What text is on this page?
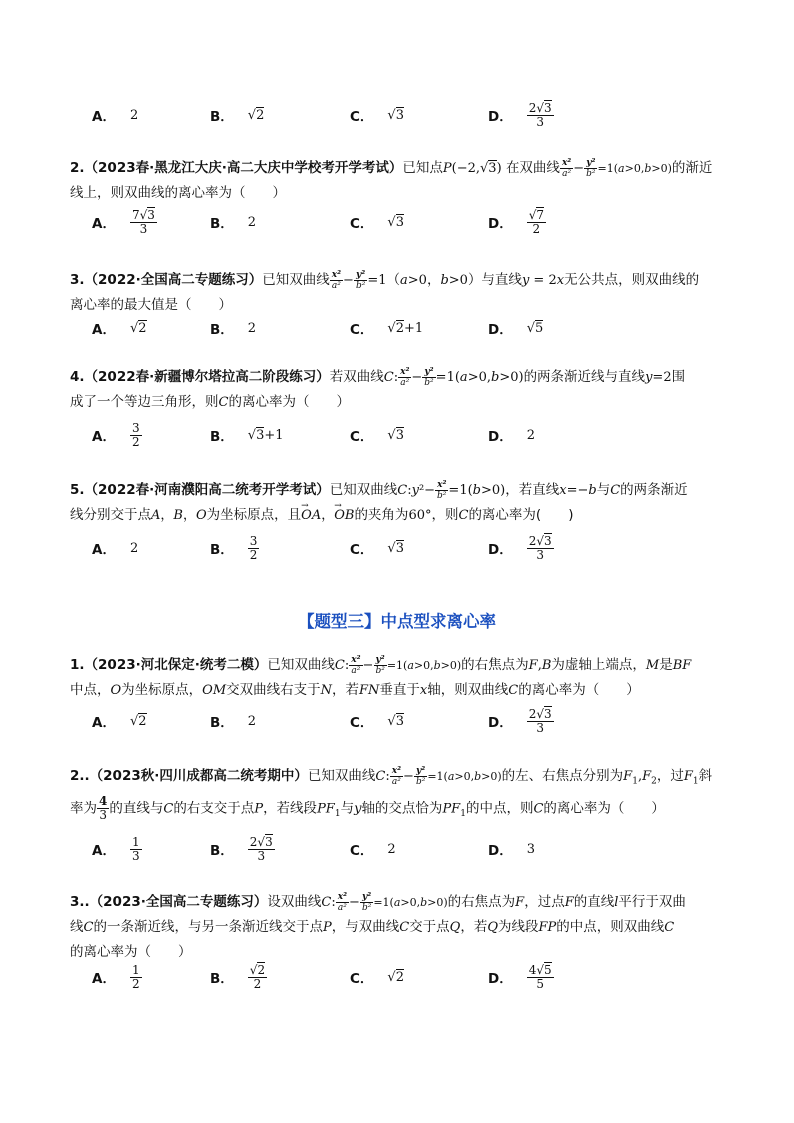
A． 2	B． √2	C． √3	D． $\frac{2√3}{3}$
2.（2023春·黑龙江大庆·高二大庆中学校考开学考试）已知点P(−2,√3) 在双曲线 $\frac{\text{x²}}{\text{a²}} - \frac{\text{y²}}{\text{b²}} =1(a>0,b>0)$的渐近
线上，则双曲线的离心率为（　　）
A． $\frac{7√3}{3}$	B． 2	C． √3	D． $\frac{√7}{2}$
3.（2022·全国高二专题练习）已知双曲线 $\frac{\text{x²}}{\text{a²}} - \frac{\text{y²}}{\text{b²}} =1(a>0$，b>0）与直线y = 2x无公共点，则双曲线的
离心率的最大值是（　　）
A． √2	B． 2	C． √2+1	D． √5
4.（2022春·新疆博尔塔拉高二阶段练习）若双曲线C: $\frac{\text{x²}}{\text{a²}} - \frac{\text{y²}}{\text{b²}} =1(a>0,b>0)$的两条渐近线与直线y=2围
成了一个等边三角形，则C的离心率为（　　）
A． $\frac{3}{2}$	B． √3+1	C． √3	D． 2
5.（2022春·河南濮阳高二统考开学考试）已知双曲线C:y²− $\frac{\text{x²}}{\text{b²}} =1(b>0)$，若直线x=−b与C的两条渐近
线分别交于点A，B，O为坐标原点，且→ OA，→ OB的夹角为60°，则C的离心率为(　　)
A． 2	B． $\frac{3}{2}$	C． √3	D． $\frac{2√3}{3}$
【题型三】中点型求离心率
1.（2023·河北保定·统考二模）已知双曲线C: $\frac{\text{x²}}{\text{a²}} - \frac{\text{y²}}{\text{b²}} =1(a>0,b>0)$的右焦点为F,B为虚轴上端点，M是BF
中点，O为坐标原点，OM交双曲线右支于N，若FN垂直于x轴，则双曲线C的离心率为（　　）
A． √2	B． 2	C． √3	D． $\frac{2√3}{3}$
2..（2023秋·四川成都高二统考期中）已知双曲线C: $\frac{\text{x²}}{\text{a²}} - \frac{\text{y²}}{\text{b²}} =1(a>0,b>0)$的左、右焦点分别为$F_1,F_2$，过$F_1$斜
率为 $\frac{4}{3}$ 的直线与C的右支交于点P，若线段$PF_1$与y轴的交点恰为$PF_1$的中点，则C的离心率为（　　）
A． $\frac{1}{3}$	B． $\frac{2√3}{3}$	C． 2	D． 3
3..（2023·全国高二专题练习）设双曲线C: $\frac{\text{x²}}{\text{a²}} - \frac{\text{y²}}{\text{b²}} =1(a>0,b>0)$的右焦点为F，过点F的直线l平行于双曲
线C的一条渐近线，与另一条渐近线交于点P，与双曲线C交于点Q，若Q为线段FP的中点，则双曲线C
的离心率为（　　）
A． $\frac{1}{2}$	B． $\frac{√2}{2}$	C． √2	D． $\frac{4√5}{5}$
